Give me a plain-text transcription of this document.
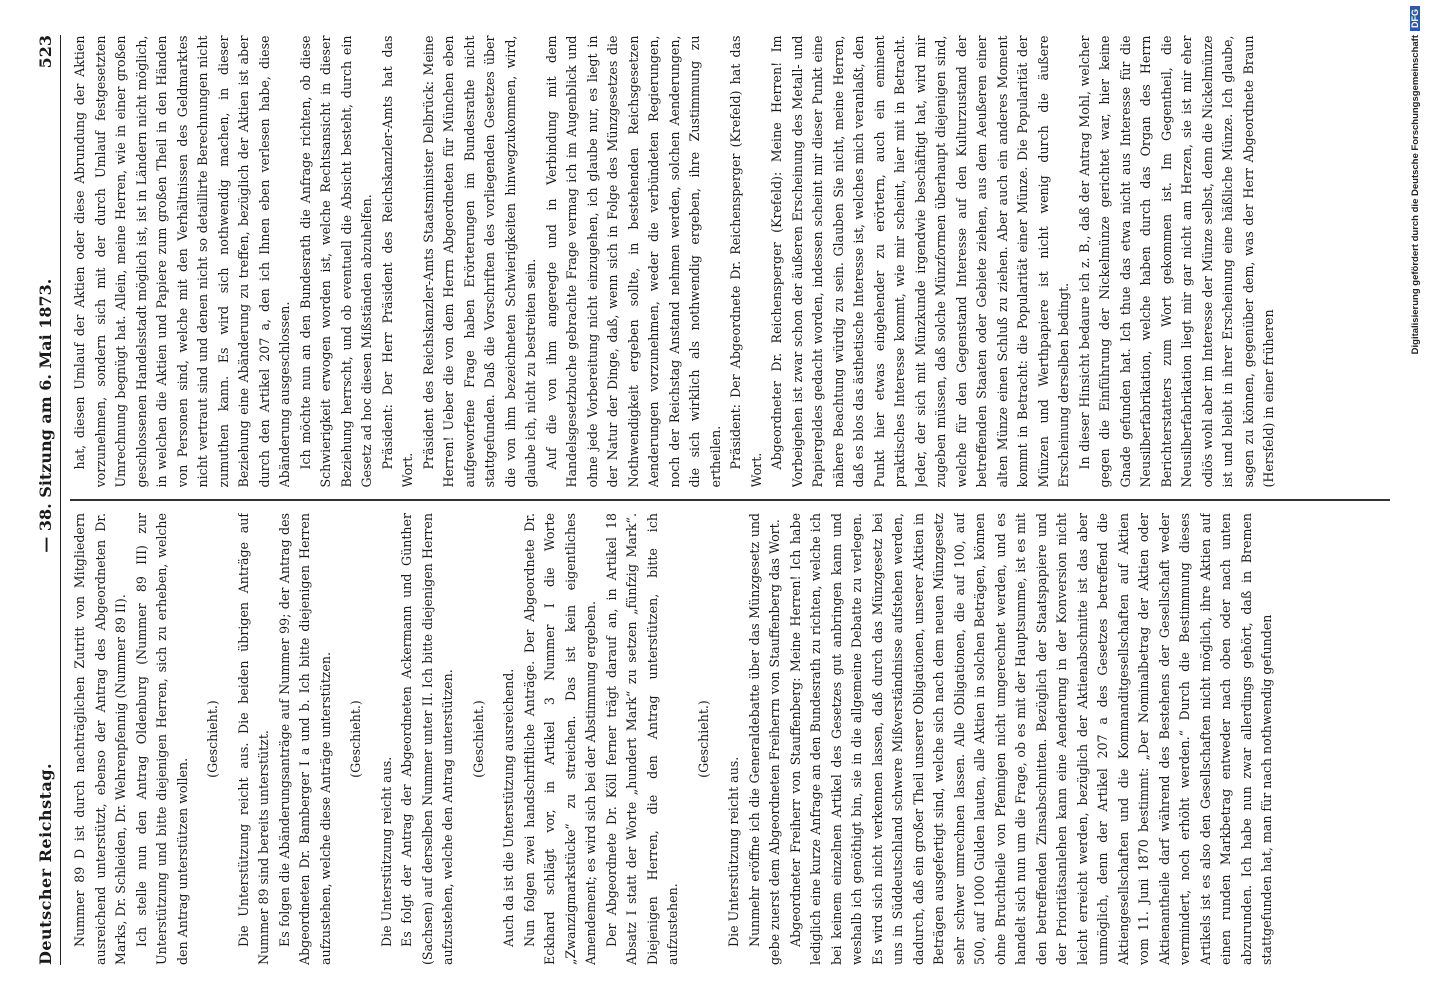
Deutscher Reichstag.
— 38. Sitzung am 6. Mai 1873.
523

Nummer 89 D ist durch nachträglichen Zutritt von Mitgliedern ausreichend unterstützt, ebenso der Antrag des Abgeordneten Dr. Marks, Dr. Schleiden, Dr. Wehrenpfennig (Nummer 89 II). Ich stelle nun den Antrag Oldenburg (Nummer 89 III) zur Unterstützung und bitte diejenigen Herren, sich zu erheben, welche den Antrag unterstützen wollen.

(Geschieht.) Die Unterstützung reicht aus. Die beiden übrigen Anträge auf Nummer 89 sind bereits unterstützt. Es folgen die Abänderungsanträge auf Nummer 99; der Antrag des Abgeordneten Dr. Bamberger I a und b. Ich bitte diejenigen Herren aufzustehen, welche diese Anträge unterstützen. (Geschieht.)

Die Unterstützung reicht aus. Es folgt der Antrag der Abgeordneten Ackermann und Günther (Sachsen) auf derselben Nummer unter II. Ich bitte diejenigen Herren aufzustehen, welche den Antrag unterstützen. (Geschieht.) Auch da ist die Unterstützung ausreichend. Nun folgen zwei handschriftliche Anträge. Der Abgeordnete Dr. Eckhard schlägt vor, in Artikel 3 Nummer I die Worte „Zwanzigmarkstücke“ zu streichen. Das ist kein eigentliches Amendement; es wird sich bei der Abstimmung ergeben. Der Abgeordnete Dr. Köll ferner trägt darauf an, in Artikel 18 Absatz I statt der Worte „hundert Mark“ zu setzen „fünfzig Mark“. Diejenigen Herren, die den Antrag unterstützen, bitte ich aufzustehen.

(Geschieht.)

Die Unterstützung reicht aus. Nunmehr eröffne ich die Generaldebatte über das Münzgesetz und gebe zuerst dem Abgeordneten Freiherrn von Stauffenberg das Wort. Abgeordneter Freiherr von Stauffenberg: Meine Herren! Ich habe lediglich eine kurze Anfrage an den Bundesrath zu richten, welche ich bei keinem einzelnen Artikel des Gesetzes gut anbringen kann und weshalb ich genöthigt bin, sie in die allgemeine Debatte zu verlegen. Es wird sich nicht verkennen lassen, daß durch das Münzgesetz bei uns in Süddeutschland schwere Mißverständnisse aufstehen werden, dadurch, daß ein großer Theil unserer Obligationen, unserer Aktien in Beträgen ausgefertigt sind, welche sich nach dem neuen Münzgesetz sehr schwer umrechnen lassen. Alle Obligationen, die auf 100, auf 500, auf 1000 Gulden lauten, alle Aktien in solchen Beträgen, können ohne Bruchtheile von Pfennigen nicht umgerechnet werden, und es handelt sich nun um die Frage, ob es mit der Hauptsumme, ist es mit den betreffenden Zinsabschnitten. Bezüglich der Staatspapiere und der Prioritätsanlehen kann eine Aenderung in der Konversion nicht leicht erreicht werden, bezüglich der Aktienabschnitte ist das aber unmöglich, denn der Artikel 207 a des Gesetzes betreffend die Aktiengesellschaften und die Kommanditgesellschaften auf Aktien vom 11. Juni 1870 bestimmt: „Der Nominalbetrag der Aktien oder Aktienantheile darf während des Bestehens der Gesellschaft weder vermindert, noch erhöht werden.“ Durch die Bestimmung dieses Artikels ist es also den Gesellschaften nicht möglich, ihre Aktien auf einen runden Markbetrag entweder nach oben oder nach unten abzurunden. Ich habe nun zwar allerdings gehört, daß in Bremen stattgefunden hat, man für nach nothwendig gefunden

hat, diesen Umlauf der Aktien oder diese Abrundung der Aktien vorzunehmen, sondern sich mit der durch Umlauf festgesetzten Umrechnung begnügt hat. Allein, meine Herren, wie in einer großen geschlossenen Handelsstadt möglich ist, ist in Ländern nicht möglich, in welchen die Aktien und Papiere zum großen Theil in den Händen von Personen sind, welche mit den Verhältnissen des Geldmarktes nicht vertraut sind und denen nicht so detaillirte Berechnungen nicht zumuthen kann. Es wird sich nothwendig machen, in dieser Beziehung eine Abänderung zu treffen, bezüglich der Aktien ist aber durch den Artikel 207 a, den ich Ihnen eben verlesen habe, diese Abänderung ausgeschlossen. Ich möchte nun an den Bundesrath die Anfrage richten, ob diese Schwierigkeit erwogen worden ist, welche Rechtsansicht in dieser Beziehung herrscht, und ob eventuell die Absicht besteht, durch ein Gesetz ad hoc diesen Mißständen abzuhelfen. Präsident: Der Herr Präsident des Reichskanzler-Amts hat das Wort.

Präsident des Reichskanzler-Amts Staatsminister Delbrück: Meine Herren! Ueber die von dem Herrn Abgeordneten für München eben aufgeworfene Frage haben Erörterungen im Bundesrathe nicht stattgefunden. Daß die Vorschriften des vorliegenden Gesetzes über die von ihm bezeichneten Schwierigkeiten hinwegzukommen, wird, glaube ich, nicht zu bestreiten sein. Auf die von ihm angeregte und in Verbindung mit dem Handelsgesetzbuche gebrachte Frage vermag ich im Augenblick und ohne jede Vorbereitung nicht einzugehen, ich glaube nur, es liegt in der Natur der Dinge, daß, wenn sich in Folge des Münzgesetzes die Nothwendigkeit ergeben sollte, in bestehenden Reichsgesetzen Aenderungen vorzunehmen, weder die verbündeten Regierungen, noch der Reichstag Anstand nehmen werden, solchen Aenderungen, die sich wirklich als nothwendig ergeben, ihre Zustimmung zu ertheilen. Präsident: Der Abgeordnete Dr. Reichensperger (Krefeld) hat das Wort.

Abgeordneter Dr. Reichensperger (Krefeld): Meine Herren! Im Vorbeigehen ist zwar schon der äußeren Erscheinung des Metall- und Papiergeldes gedacht worden, indessen scheint mir dieser Punkt eine nähere Beachtung würdig zu sein. Glauben Sie nicht, meine Herren, daß es blos das ästhetische Interesse ist, welches mich veranlaßt, den Punkt hier etwas eingehender zu erörtern, auch ein eminent praktisches Interesse kommt, wie mir scheint, hier mit in Betracht. Jeder, der sich mit Münzkunde irgendwie beschäftigt hat, wird mir zugeben müssen, daß solche Münzformen überhaupt diejenigen sind, welche für den Gegenstand Interesse auf den Kulturzustand der betreffenden Staaten oder Gebiete ziehen, aus dem Aeußeren einer alten Münze einen Schluß zu ziehen. Aber auch ein anderes Moment kommt in Betracht: die Popularität einer Münze. Die Popularität der Münzen und Werthpapiere ist nicht wenig durch die äußere Erscheinung derselben bedingt. In dieser Hinsicht bedaure ich z. B., daß der Antrag Mohl, welcher gegen die Einführung der Nickelmünze gerichtet war, hier keine Gnade gefunden hat. Ich thue das etwa nicht aus Interesse für die Neusilberfabrikation, welche haben durch das Organ des Herrn Berichterstatters zum Wort gekommen ist. Im Gegentheil, die Neusilberfabrikation liegt mir gar nicht am Herzen, sie ist mir eher odiös wohl aber im Interesse der Münze selbst, denn die Nickelmünze ist und bleibt in ihrer Erscheinung eine häßliche Münze. Ich glaube, sagen zu können, gegenüber dem, was der Herr Abgeordnete Braun (Hersfeld) in einer früheren

Digitalisierung gefördert durch die Deutsche Forschungsgemeinschaft
DFG
